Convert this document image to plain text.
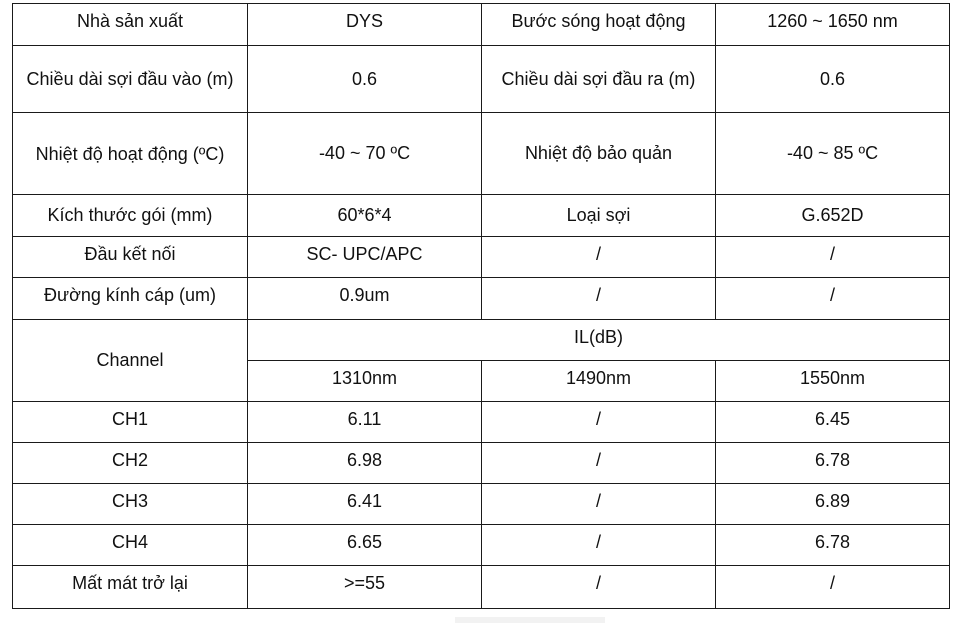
Nhà sản xuất	DYS	Bước sóng hoạt động	1260 ~ 1650 nm
Chiều dài sợi đầu vào (m)	0.6	Chiều dài sợi đầu ra (m)	0.6
Nhiệt độ hoạt động (ºC)	-40 ~ 70 ºC	Nhiệt độ bảo quản	-40 ~ 85 ºC
Kích thước gói (mm)	60*6*4	Loại sợi	G.652D
Đầu kết nối	SC- UPC/APC	/	/
Đường kính cáp (um)	0.9um	/	/
Channel	IL(dB)		
	1310nm	1490nm	1550nm
CH1	6.11	/	6.45
CH2	6.98	/	6.78
CH3	6.41	/	6.89
CH4	6.65	/	6.78
Mất mát trở lại	>=55	/	/
